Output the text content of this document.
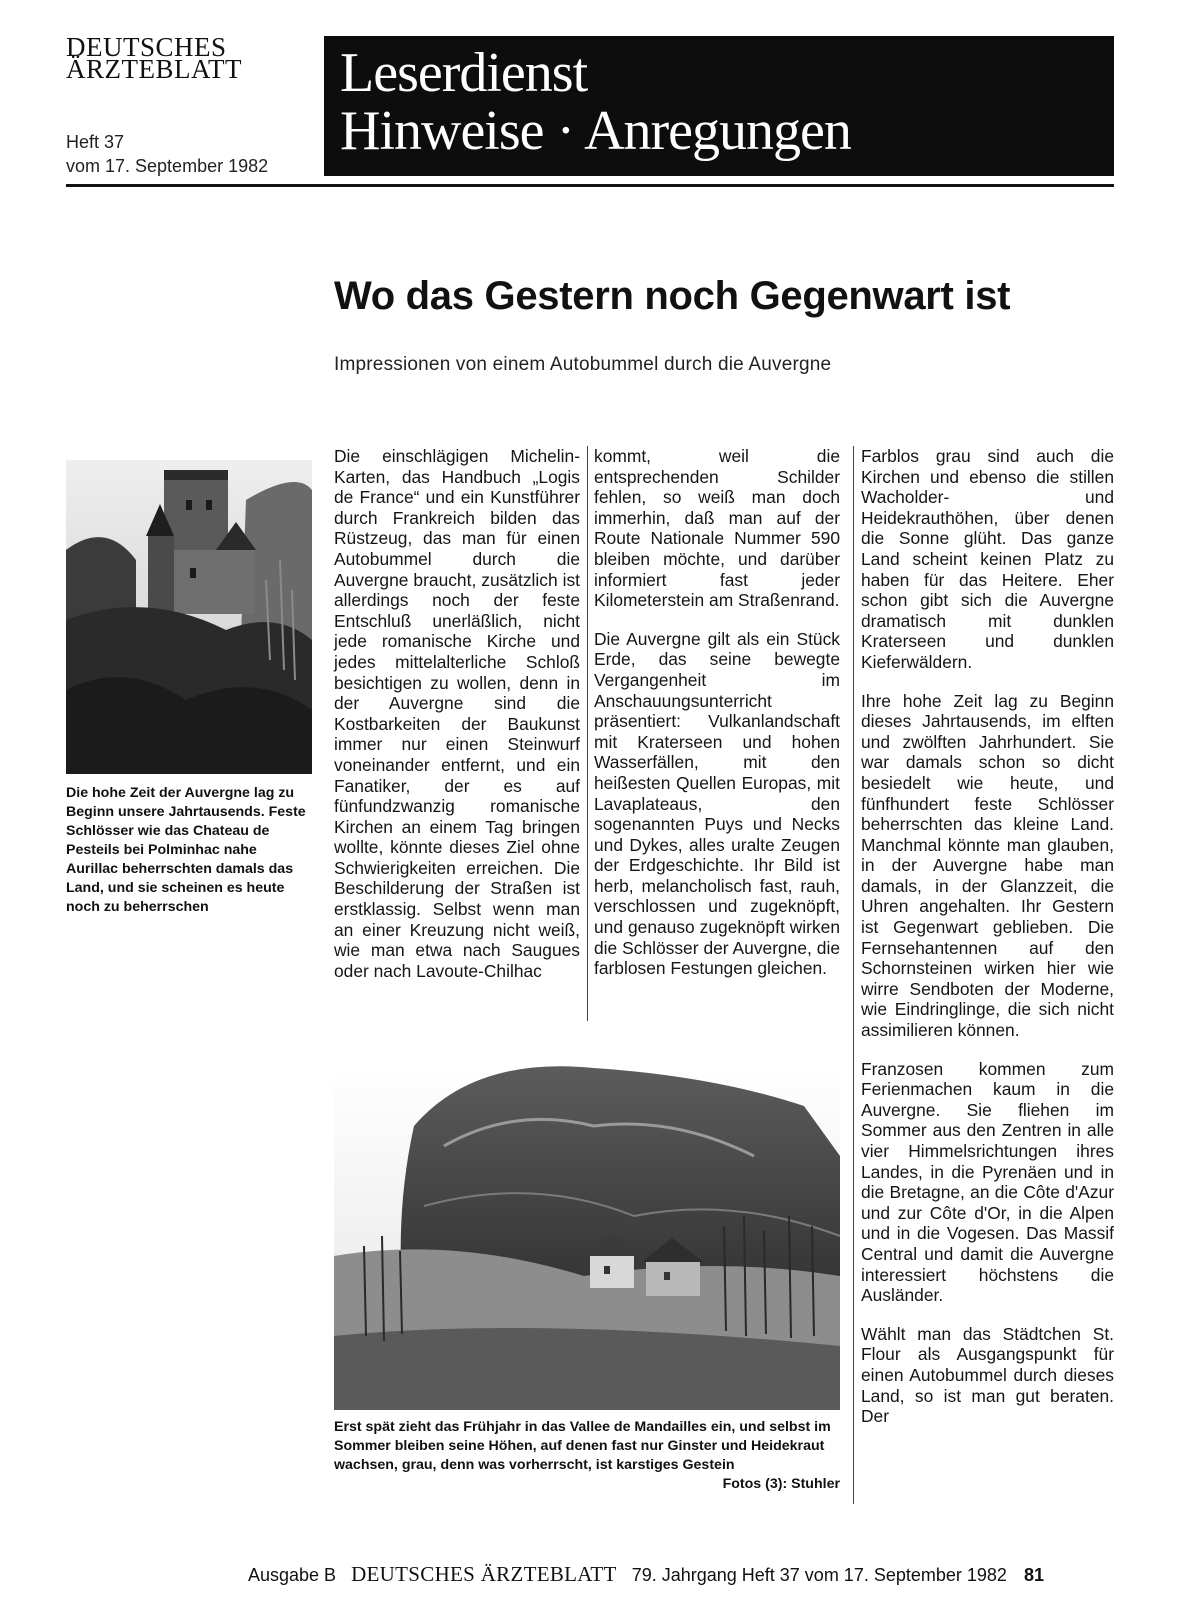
DEUTSCHES
ÄRZTEBLATT
Heft 37
vom 17. September 1982
Leserdienst
Hinweise · Anregungen
Wo das Gestern noch Gegenwart ist
Impressionen von einem Autobummel durch die Auvergne
Die hohe Zeit der Auvergne lag zu Beginn unsere Jahrtausends. Feste Schlösser wie das Chateau de Pesteils bei Polminhac nahe Aurillac beherrschten damals das Land, und sie scheinen es heute noch zu beherrschen

Die einschlägigen Michelin-Karten, das Handbuch „Logis de France“ und ein Kunstführer durch Frankreich bilden das Rüstzeug, das man für einen Autobummel durch die Auvergne braucht, zusätzlich ist allerdings noch der feste Entschluß unerläßlich, nicht jede romanische Kirche und jedes mittelalterliche Schloß besichtigen zu wollen, denn in der Auvergne sind die Kostbarkeiten der Baukunst immer nur einen Steinwurf voneinander entfernt, und ein Fanatiker, der es auf fünfundzwanzig romanische Kirchen an einem Tag bringen wollte, könnte dieses Ziel ohne Schwierigkeiten erreichen. Die Beschilderung der Straßen ist erstklassig. Selbst wenn man an einer Kreuzung nicht weiß, wie man etwa nach Saugues oder nach Lavoute-Chilhac

kommt, weil die entsprechenden Schilder fehlen, so weiß man doch immerhin, daß man auf der Route Nationale Nummer 590 bleiben möchte, und darüber informiert fast jeder Kilometerstein am Straßenrand.

Die Auvergne gilt als ein Stück Erde, das seine bewegte Vergangenheit im Anschauungsunterricht präsentiert: Vulkanlandschaft mit Kraterseen und hohen Wasserfällen, mit den heißesten Quellen Europas, mit Lavaplateaus, den sogenannten Puys und Necks und Dykes, alles uralte Zeugen der Erdgeschichte. Ihr Bild ist herb, melancholisch fast, rauh, verschlossen und zugeknöpft, und genauso zugeknöpft wirken die Schlösser der Auvergne, die farblosen Festungen gleichen.

Farblos grau sind auch die Kirchen und ebenso die stillen Wacholder- und Heidekrauthöhen, über denen die Sonne glüht. Das ganze Land scheint keinen Platz zu haben für das Heitere. Eher schon gibt sich die Auvergne dramatisch mit dunklen Kraterseen und dunklen Kieferwäldern.

Ihre hohe Zeit lag zu Beginn dieses Jahrtausends, im elften und zwölften Jahrhundert. Sie war damals schon so dicht besiedelt wie heute, und fünfhundert feste Schlösser beherrschten das kleine Land. Manchmal könnte man glauben, in der Auvergne habe man damals, in der Glanzzeit, die Uhren angehalten. Ihr Gestern ist Gegenwart geblieben. Die Fernsehantennen auf den Schornsteinen wirken hier wie wirre Sendboten der Moderne, wie Eindringlinge, die sich nicht assimilieren können.

Franzosen kommen zum Ferienmachen kaum in die Auvergne. Sie fliehen im Sommer aus den Zentren in alle vier Himmelsrichtungen ihres Landes, in die Pyrenäen und in die Bretagne, an die Côte d'Azur und zur Côte d'Or, in die Alpen und in die Vogesen. Das Massif Central und damit die Auvergne interessiert höchstens die Ausländer.

Wählt man das Städtchen St. Flour als Ausgangspunkt für einen Autobummel durch dieses Land, so ist man gut beraten. Der

Erst spät zieht das Frühjahr in das Vallee de Mandailles ein, und selbst im Sommer bleiben seine Höhen, auf denen fast nur Ginster und Heidekraut wachsen, grau, denn was vorherrscht, ist karstiges Gestein
Fotos (3): Stuhler
Ausgabe B DEUTSCHES ÄRZTEBLATT 79. Jahrgang Heft 37 vom 17. September 1982 81
